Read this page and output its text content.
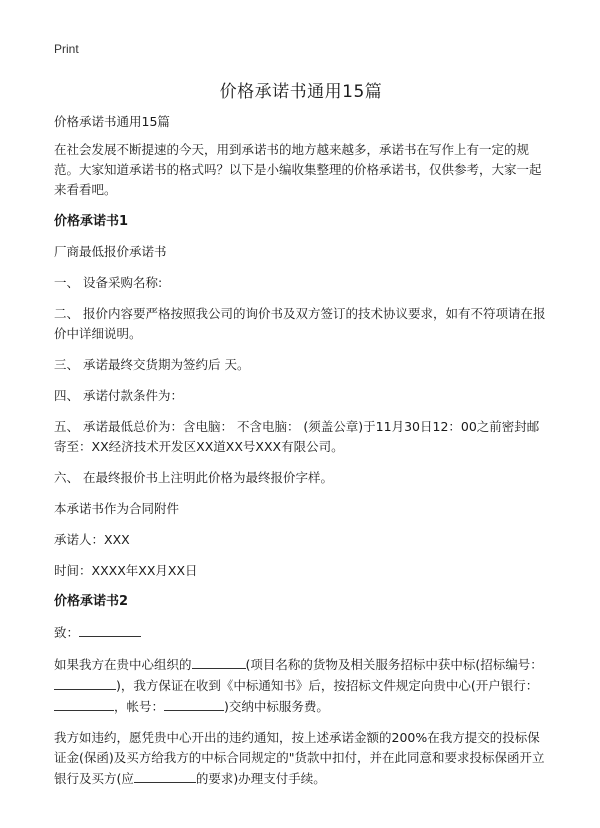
Print
价格承诺书通用15篇

价格承诺书通用15篇

在社会发展不断提速的今天，用到承诺书的地方越来越多，承诺书在写作上有一定的规范。大家知道承诺书的格式吗？以下是小编收集整理的价格承诺书，仅供参考，大家一起来看看吧。

价格承诺书1

厂商最低报价承诺书

一、 设备采购名称:

二、 报价内容要严格按照我公司的询价书及双方签订的技术协议要求，如有不符项请在报价中详细说明。

三、 承诺最终交货期为签约后 天。

四、 承诺付款条件为：

五、 承诺最低总价为：含电脑： 不含电脑： (须盖公章)于11月30日12：00之前密封邮寄至：XX经济技术开发区XX道XX号XXX有限公司。

六、 在最终报价书上注明此价格为最终报价字样。

本承诺书作为合同附件

承诺人：XXX

时间：XXXX年XX月XX日

价格承诺书2

致：

如果我方在贵中心组织的	(项目名称的货物及相关服务招标中获中标(招标编号：)，我方保证在收到《中标通知书》后，按招标文件规定向贵中心(开户银行：，帐号：	)交纳中标服务费。

我方如违约，愿凭贵中心开出的违约通知，按上述承诺金额的200%在我方提交的投标保证金(保函)及买方给我方的中标合同规定的"货款中扣付，并在此同意和要求投标保函开立银行及买方(应	的要求)办理支付手续。
